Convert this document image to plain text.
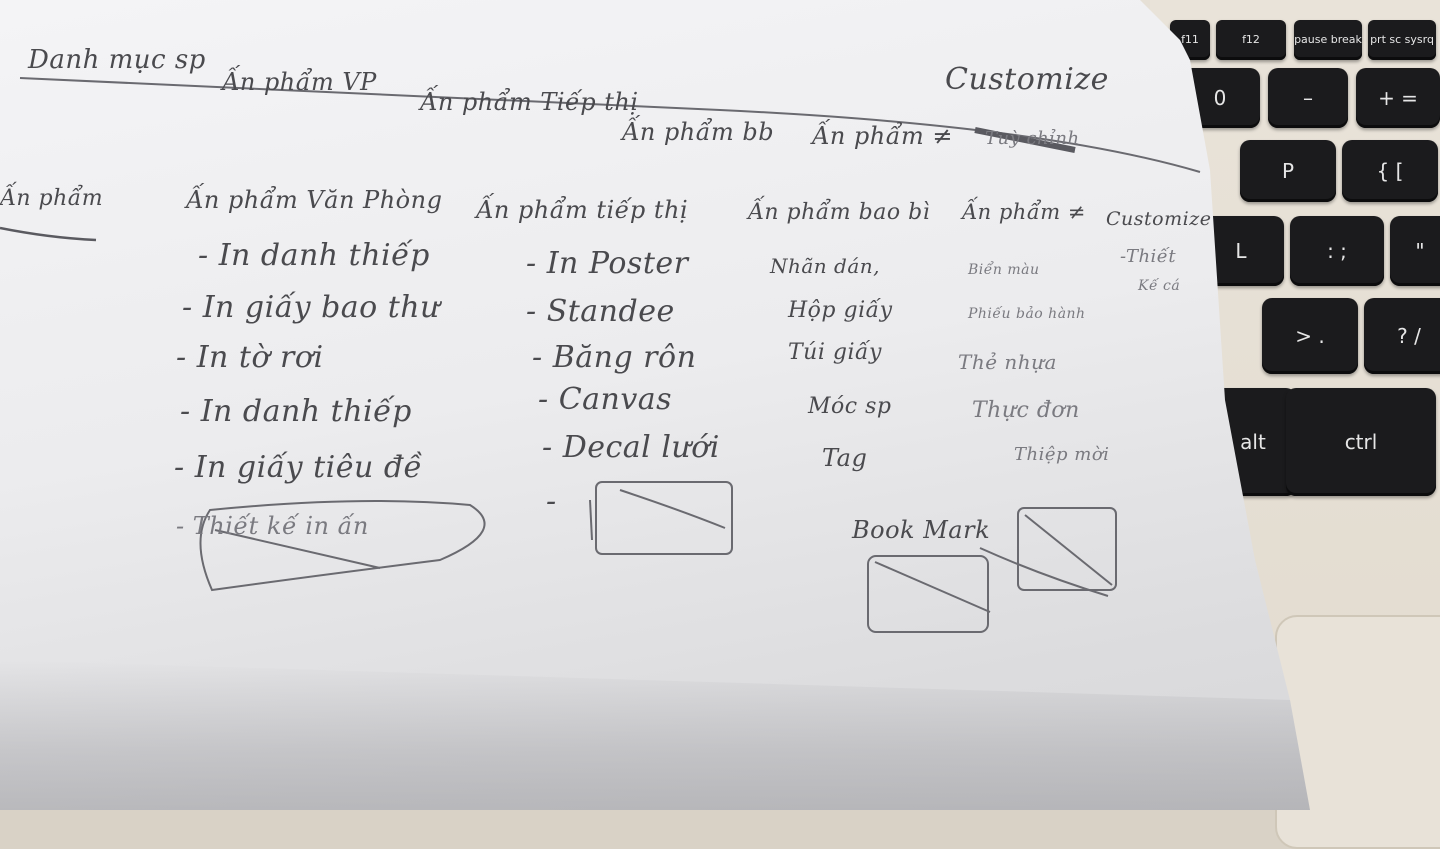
f11	f12	pause break prt sc sysrq
0	–	+ =
P	{ [
L	: ;	"
> .	? /
alt	ctrl
Danh mục sp
Ấn phẩm VP
Ấn phẩm Tiếp thị
Ấn phẩm bb Ấn phẩm ≠
Customize
Tuỳ chỉnh
Ấn phẩm	Ấn phẩm Văn Phòng
- In danh thiếp
- In giấy bao thư
- In tờ rơi
- In danh thiếp
- In giấy tiêu đề
- Thiết kế in ấn
Ấn phẩm tiếp thị
- In Poster
- Standee
- Băng rôn
- Canvas
- Decal lưới
-
Ấn phẩm bao bì
Nhãn dán,
Hộp giấy
Túi giấy
Móc sp
Tag
Book Mark
Ấn phẩm ≠
Biển màu
Phiếu bảo hành
Thẻ nhựa
Thực đơn
Thiệp mời
Customize
-Thiết
Kế cá
